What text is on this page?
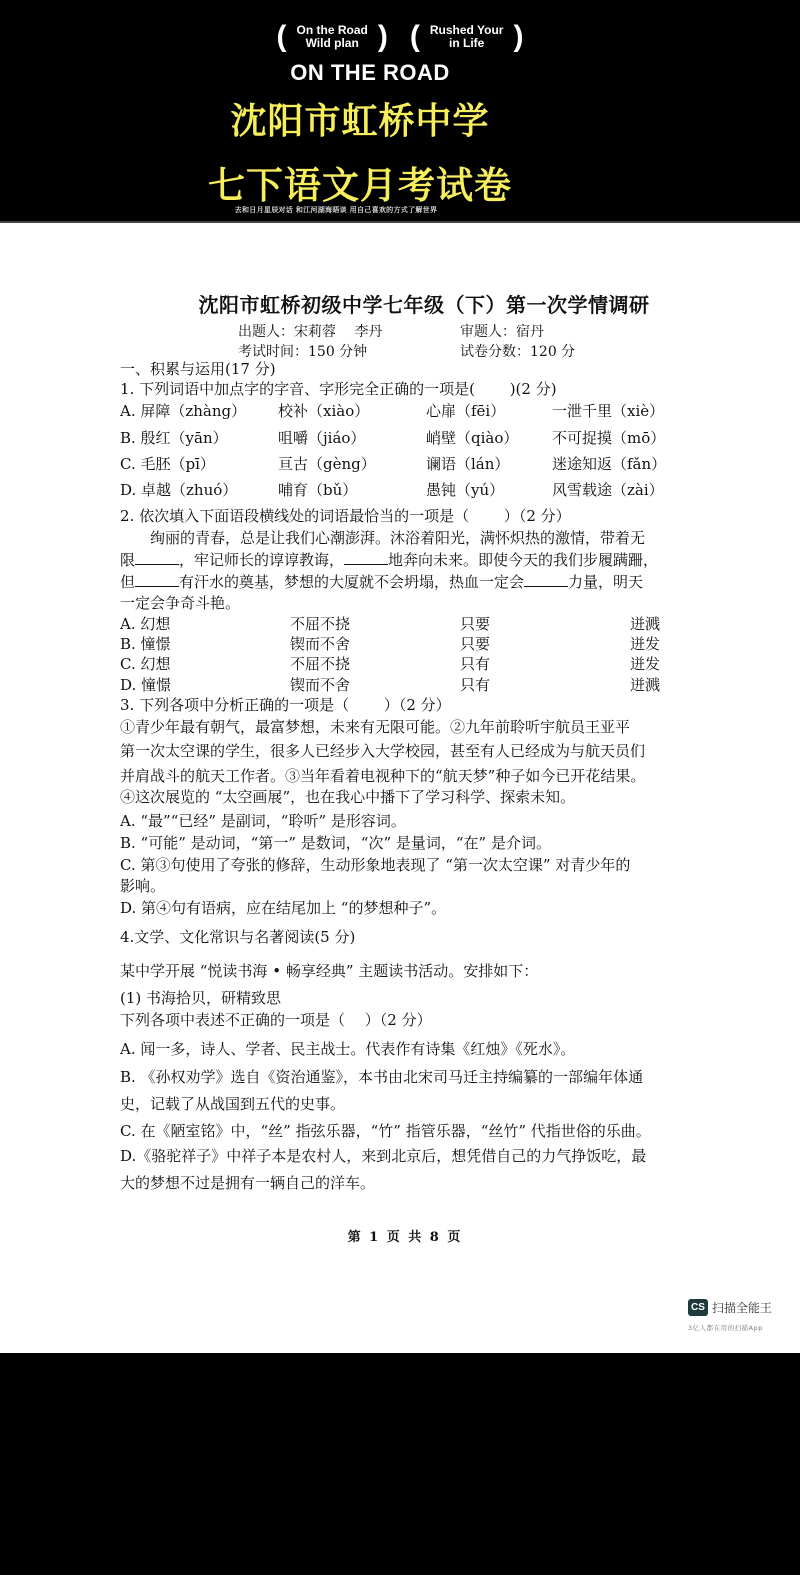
( On the Road
Wild plan ) ( Rushed Your
in Life )
ON THE ROAD
沈阳市虹桥中学
七下语文月考试卷
去和日月星辰对话 和江河湖海晤谈 用自己喜欢的方式了解世界
沈阳市虹桥初级中学七年级（下）第一次学情调研
出题人：宋莉蓉　 李丹	审题人：宿丹
考试时间：150 分钟	试卷分数：120 分
一、积累与运用(17 分)
1. 下列词语中加点字的字音、字形完全正确的一项是(　　 )(2 分)
A. 屏障（zhàng）	校补（xiào）	心扉（fēi）	一泄千里（xiè）
B. 殷红（yān）	咀嚼（jiáo）	峭壁（qiào）	不可捉摸（mō）
C. 毛胚（pī）	亘古（gèng）	谰语（lán）	迷途知返（fǎn）
D. 卓越（zhuó）	哺育（bǔ）	愚钝（yú）	风雪载途（zài）
2. 依次填入下面语段横线处的词语最恰当的一项是（　　 ）（2 分）
　　绚丽的青春，总是让我们心潮澎湃。沐浴着阳光，满怀炽热的激情，带着无
限	，牢记师长的谆谆教诲，	地奔向未来。即使今天的我们步履蹒跚，
但	有汗水的奠基，梦想的大厦就不会坍塌，热血一定会	力量，明天
一定会争奇斗艳。
A. 幻想	不屈不挠	只要	迸溅
B. 憧憬	锲而不舍	只要	迸发
C. 幻想	不屈不挠	只有	迸发
D. 憧憬	锲而不舍	只有	迸溅
3. 下列各项中分析正确的一项是（　　 ）（2 分）
①青少年最有朝气，最富梦想，未来有无限可能。②九年前聆听宇航员王亚平
第一次太空课的学生，很多人已经步入大学校园，甚至有人已经成为与航天员们
并肩战斗的航天工作者。③当年看着电视种下的“航天梦”种子如今已开花结果。
④这次展览的 “太空画展”，也在我心中播下了学习科学、探索未知。
A. “最”“已经” 是副词，“聆听” 是形容词。
B. “可能” 是动词，“第一” 是数词，“次” 是量词，“在” 是介词。
C. 第③句使用了夸张的修辞，生动形象地表现了 “第一次太空课” 对青少年的
影响。
D. 第④句有语病，应在结尾加上 “的梦想种子”。
4.文学、文化常识与名著阅读(5 分)
某中学开展 “悦读书海 • 畅享经典” 主题读书活动。安排如下：
(1) 书海拾贝，研精致思
下列各项中表述不正确的一项是（　 ）（2 分）
A. 闻一多，诗人、学者、民主战士。代表作有诗集《红烛》《死水》。
B. 《孙权劝学》选自《资治通鉴》，本书由北宋司马迁主持编纂的一部编年体通
史，记载了从战国到五代的史事。
C. 在《陋室铭》中，“丝” 指弦乐器，“竹” 指管乐器，“丝竹” 代指世俗的乐曲。
D.《骆驼祥子》中祥子本是农村人，来到北京后，想凭借自己的力气挣饭吃，最
大的梦想不过是拥有一辆自己的洋车。
第 1 页 共 8 页
CS 扫描全能王
3亿人都在用的扫描App
